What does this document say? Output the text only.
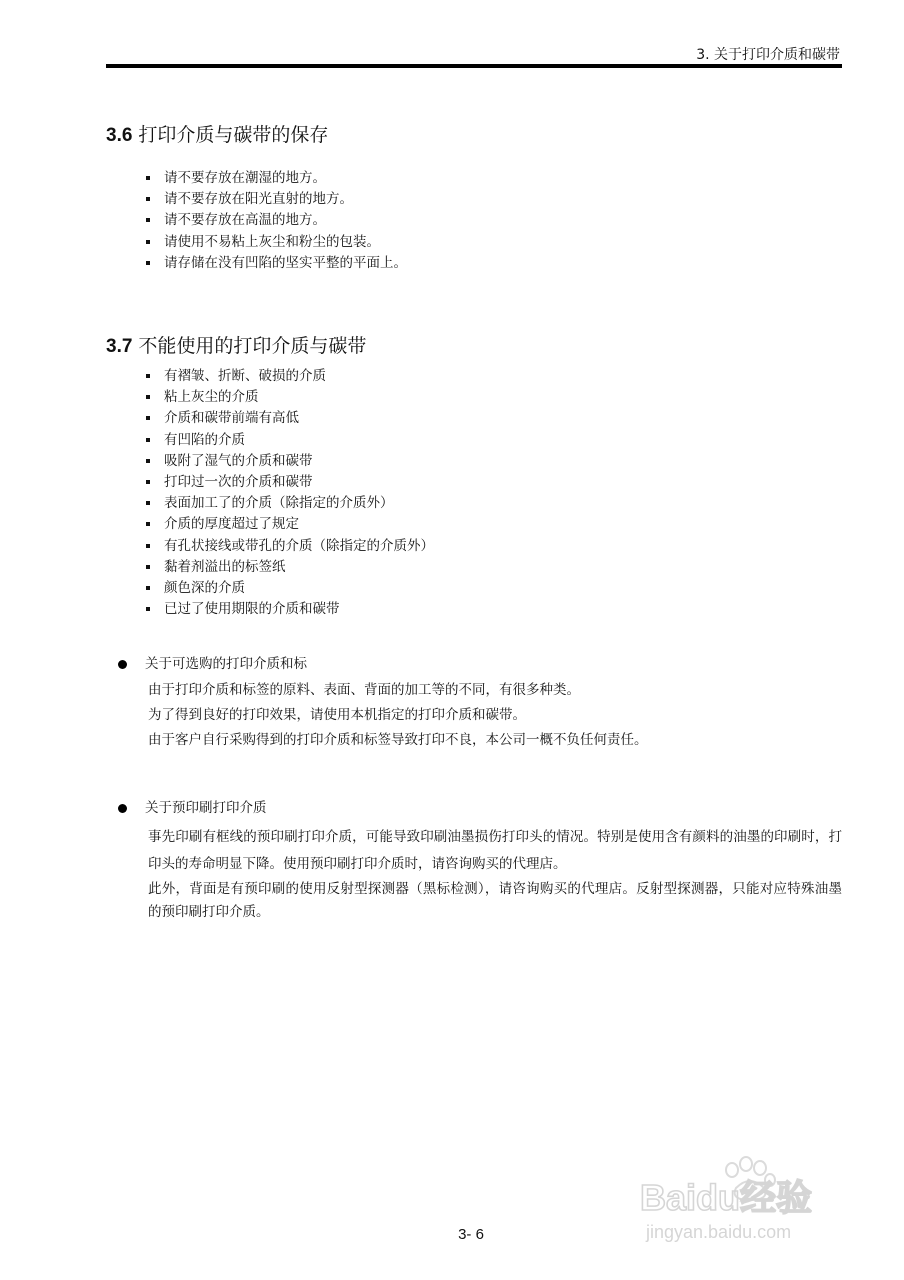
3. 关于打印介质和碳带
3.6 打印介质与碳带的保存
请不要存放在潮湿的地方。
请不要存放在阳光直射的地方。
请不要存放在高温的地方。
请使用不易粘上灰尘和粉尘的包装。
请存储在没有凹陷的坚实平整的平面上。
3.7 不能使用的打印介质与碳带
有褶皱、折断、破损的介质
粘上灰尘的介质
介质和碳带前端有高低
有凹陷的介质
吸附了湿气的介质和碳带
打印过一次的介质和碳带
表面加工了的介质（除指定的介质外）
介质的厚度超过了规定
有孔状接线或带孔的介质（除指定的介质外）
黏着剂溢出的标签纸
颜色深的介质
已过了使用期限的介质和碳带
关于可选购的打印介质和标
由于打印介质和标签的原料、表面、背面的加工等的不同，有很多种类。
为了得到良好的打印效果，请使用本机指定的打印介质和碳带。
由于客户自行采购得到的打印介质和标签导致打印不良，本公司一概不负任何责任。
关于预印刷打印介质
事先印刷有框线的预印刷打印介质，可能导致印刷油墨损伤打印头的情况。特别是使用含有颜料的油墨的印刷时，打印头的寿命明显下降。使用预印刷打印介质时，请咨询购买的代理店。
此外，背面是有预印刷的使用反射型探测器（黑标检测），请咨询购买的代理店。反射型探测器，只能对应特殊油墨的预印刷打印介质。
Baidu经验
jingyan.baidu.com
3- 6
